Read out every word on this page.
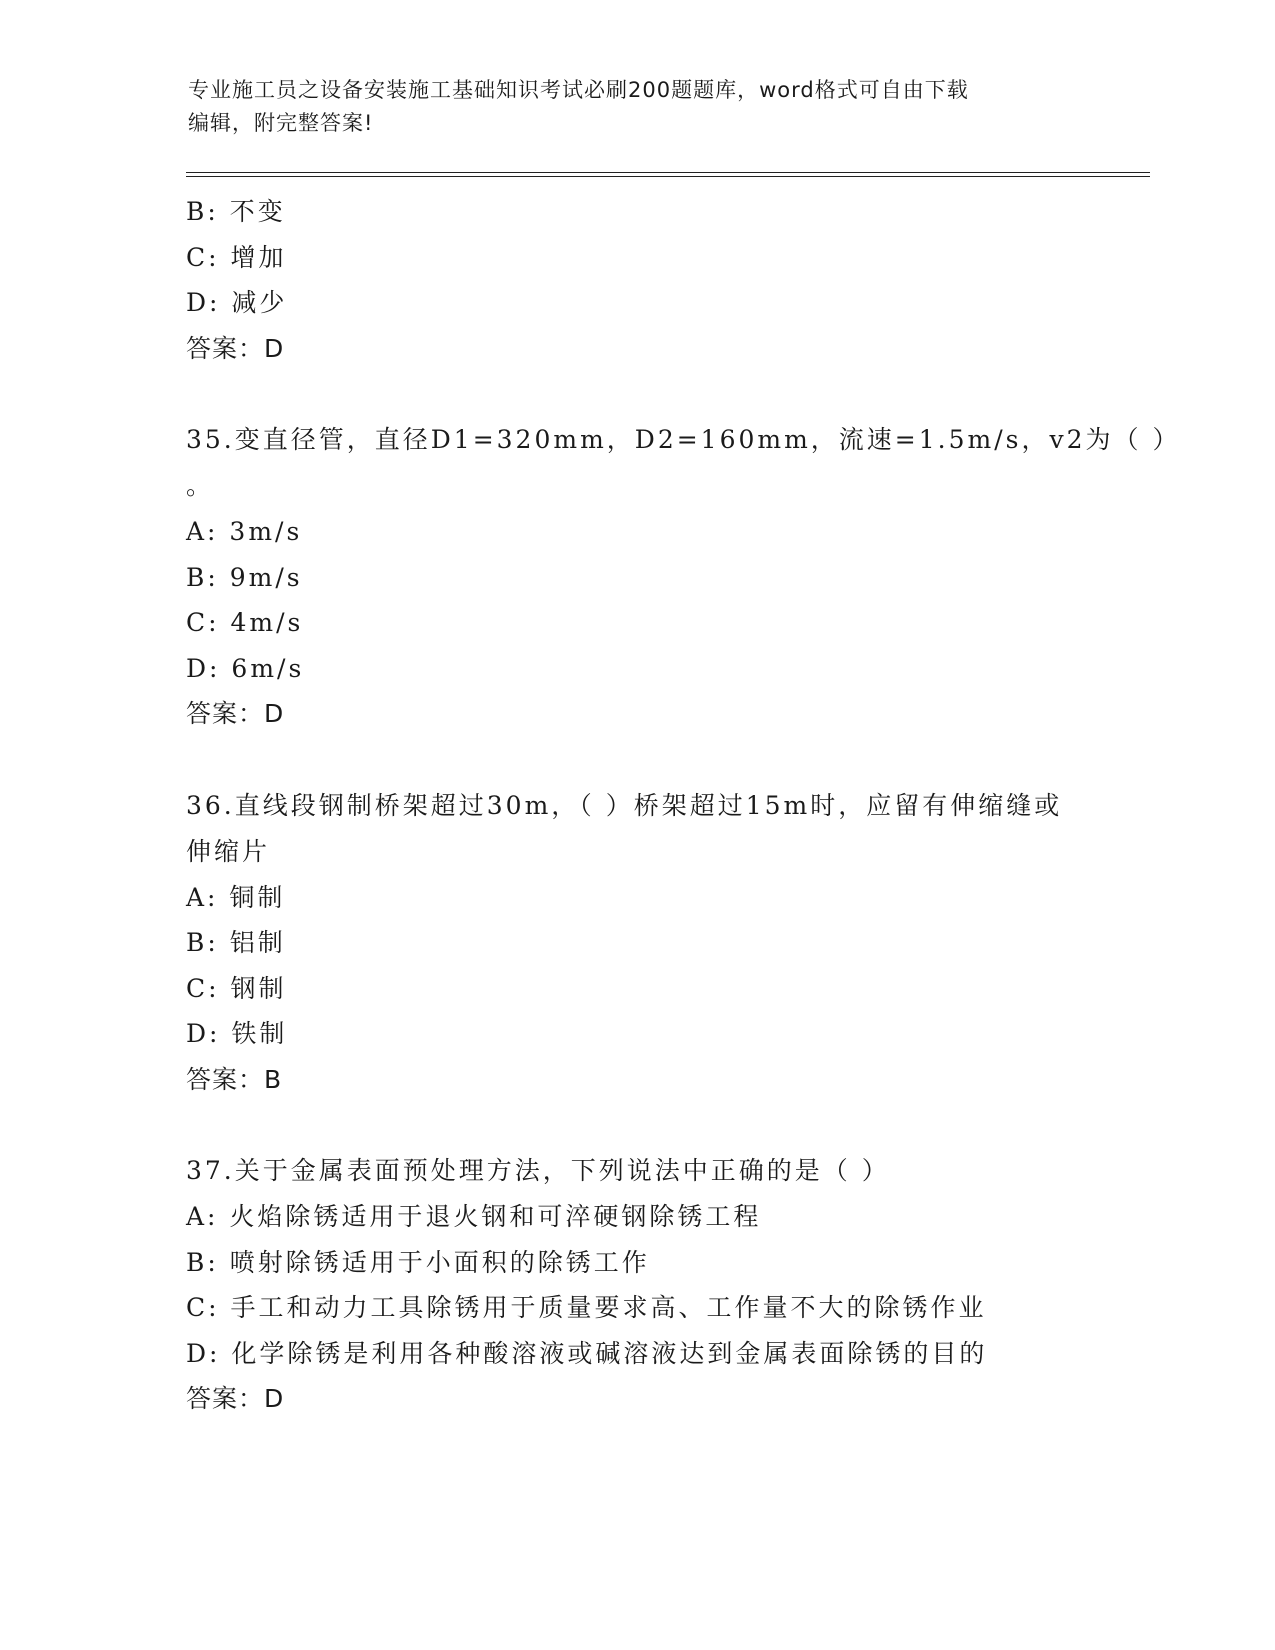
专业施工员之设备安装施工基础知识考试必刷200题题库，word格式可自由下载
编辑，附完整答案!
B: 不变
C: 增加
D: 减少
答案：D
35.变直径管，直径D1=320mm，D2=160mm，流速=1.5m/s，v2为（ ）
。
A: 3m/s
B: 9m/s
C: 4m/s
D: 6m/s
答案：D
36.直线段钢制桥架超过30m，（ ）桥架超过15m时，应留有伸缩缝或
伸缩片
A: 铜制
B: 铝制
C: 钢制
D: 铁制
答案：B
37.关于金属表面预处理方法，下列说法中正确的是（ ）
A: 火焰除锈适用于退火钢和可淬硬钢除锈工程
B: 喷射除锈适用于小面积的除锈工作
C: 手工和动力工具除锈用于质量要求高、工作量不大的除锈作业
D: 化学除锈是利用各种酸溶液或碱溶液达到金属表面除锈的目的
答案：D
